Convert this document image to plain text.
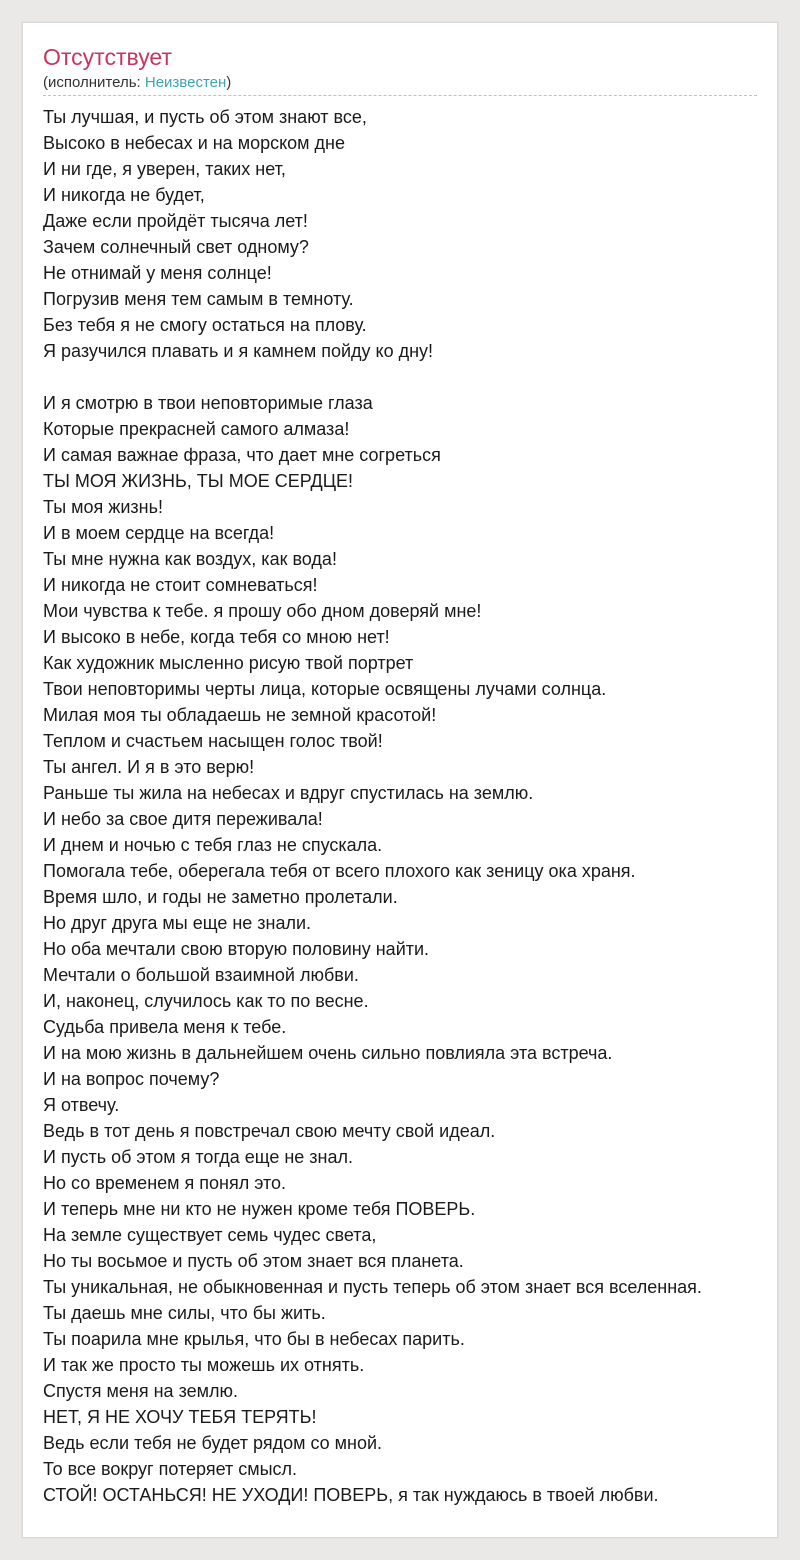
Отсутствует
(исполнитель: Неизвестен)
Ты лучшая, и пусть об этом знают все,
Высоко в небесах и на морском дне
И ни где, я уверен, таких нет,
И никогда не будет,
Даже если пройдёт тысяча лет!
Зачем солнечный свет одному?
Не отнимай у меня солнце!
Погрузив меня тем самым в темноту.
Без тебя я не смогу остаться на плову.
Я разучился плавать и я камнем пойду ко дну!
И я смотрю в твои неповторимые глаза
Которые прекрасней самого алмаза!
И самая важнае фраза, что дает мне согреться
ТЫ МОЯ ЖИЗНЬ, ТЫ МОЕ СЕРДЦЕ!
Ты моя жизнь!
И в моем сердце на всегда!
Ты мне нужна как воздух, как вода!
И никогда не стоит сомневаться!
Мои чувства к тебе. я прошу обо дном доверяй мне!
И высоко в небе, когда тебя со мною нет!
Как художник мысленно рисую твой портрет
Твои неповторимы черты лица, которые освящены лучами солнца.
Милая моя ты обладаешь не земной красотой!
Теплом и счастьем насыщен голос твой!
Ты ангел. И я в это верю!
Раньше ты жила на небесах и вдруг спустилась на землю.
И небо за свое дитя переживала!
И днем и ночью с тебя глаз не спускала.
Помогала тебе, оберегала тебя от всего плохого как зеницу ока храня.
Время шло, и годы не заметно пролетали.
Но друг друга мы еще не знали.
Но оба мечтали свою вторую половину найти.
Мечтали о большой взаимной любви.
И, наконец, случилось как то по весне.
Судьба привела меня к тебе.
И на мою жизнь в дальнейшем очень сильно повлияла эта встреча.
И на вопрос почему?
Я отвечу.
Ведь в тот день я повстречал свою мечту свой идеал.
И пусть об этом я тогда еще не знал.
Но со временем я понял это.
И теперь мне ни кто не нужен кроме тебя ПОВЕРЬ.
На земле существует семь чудес света,
Но ты восьмое и пусть об этом знает вся планета.
Ты уникальная, не обыкновенная и пусть теперь об этом знает вся вселенная.
Ты даешь мне силы, что бы жить.
Ты поарила мне крылья, что бы в небесах парить.
И так же просто ты можешь их отнять.
Спустя меня на землю.
НЕТ, Я НЕ ХОЧУ ТЕБЯ ТЕРЯТЬ!
Ведь если тебя не будет рядом со мной.
То все вокруг потеряет смысл.
СТОЙ! ОСТАНЬСЯ! НЕ УХОДИ! ПОВЕРЬ, я так нуждаюсь в твоей любви.
